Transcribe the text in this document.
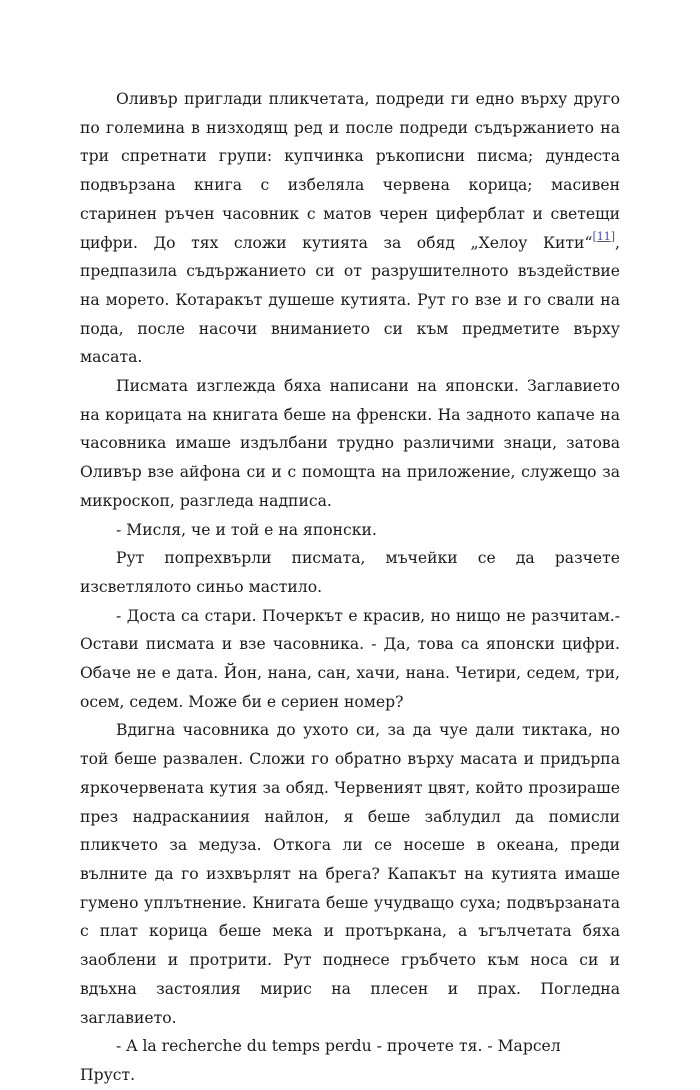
Оливър приглади пликчетата, подреди ги едно върху друго по големина в низходящ ред и после подреди съдържанието на три спретнати групи: купчинка ръкописни писма; дундеста подвързана книга с избеляла червена корица; масивен старинен ръчен часовник с матов черен циферблат и светещи цифри. До тях сложи кутията за обяд „Хелоу Кити“[11], предпазила съдържанието си от разрушителното въздействие на морето. Котаракът душеше кутията. Рут го взе и го свали на пода, после насочи вниманието си към предметите върху масата.

Писмата изглежда бяха написани на японски. Заглавието на корицата на книгата беше на френски. На задното капаче на часовника имаше издълбани трудно различими знаци, затова Оливър взе айфона си и с помощта на приложение, служещо за микроскоп, разгледа надписа.

- Мисля, че и той е на японски.

Рут попрехвърли писмата, мъчейки се да разчете изсветлялото синьо мастило.

- Доста са стари. Почеркът е красив, но нищо не разчитам.- Остави писмата и взе часовника. - Да, това са японски цифри. Обаче не е дата. Йон, нана, сан, хачи, нана. Четири, седем, три, осем, седем. Може би е сериен номер?

Вдигна часовника до ухото си, за да чуе дали тиктака, но той беше развален. Сложи го обратно върху масата и придърпа яркочервената кутия за обяд. Червеният цвят, който прозираше през надрасканиия найлон, я беше заблудил да помисли пликчето за медуза. Откога ли се носеше в океана, преди вълните да го изхвърлят на брега? Капакът на кутията имаше гумено уплътнение. Книгата беше учудващо суха; подвързаната с плат корица беше мека и протъркана, а ъгълчетата бяха заоблени и протрити. Рут поднесе гръбчето към носа си и вдъхна застоялия мирис на плесен и прах. Погледна заглавието.

- A la recherche du temps perdu - прочете тя. - Марсел Пруст.
